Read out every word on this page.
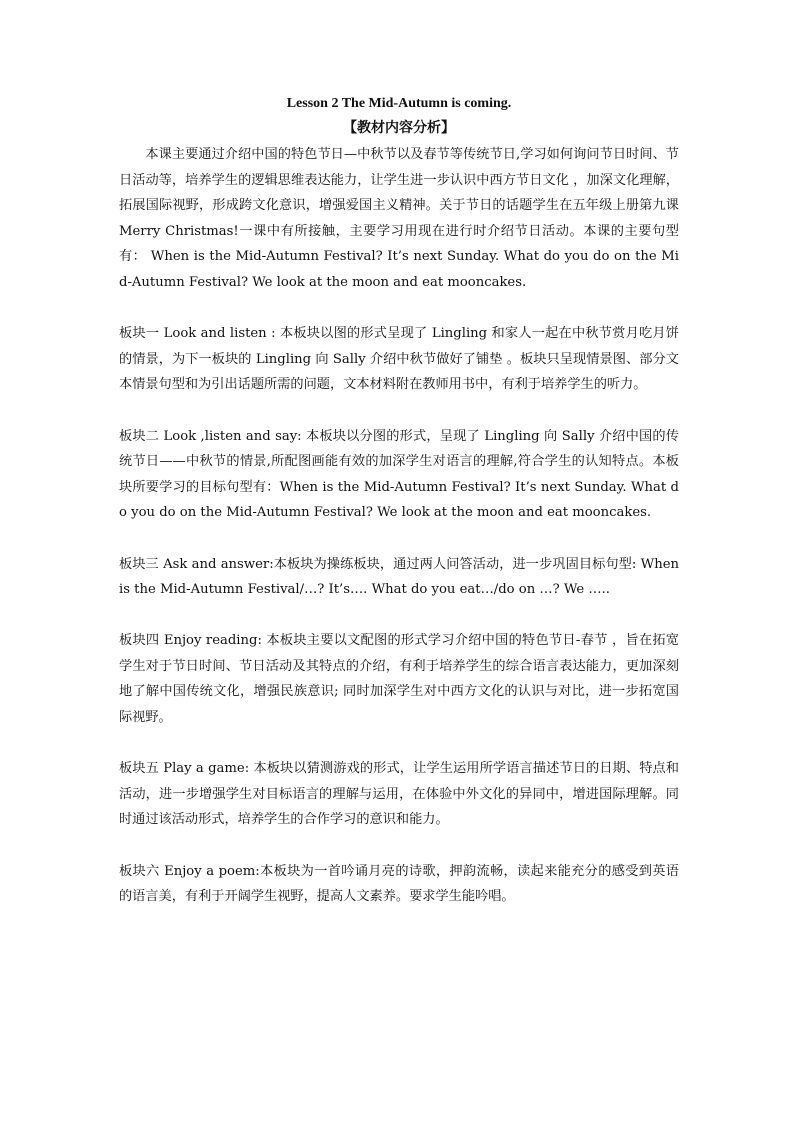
Lesson 2 The Mid-Autumn is coming.
【教材内容分析】

本课主要通过介绍中国的特色节日—中秋节以及春节等传统节日,学习如何询问节日时间、节日活动等，培养学生的逻辑思维表达能力，让学生进一步认识中西方节日文化 ，加深文化理解，拓展国际视野，形成跨文化意识，增强爱国主义精神。关于节日的话题学生在五年级上册第九课 Merry Christmas!一课中有所接触，主要学习用现在进行时介绍节日活动。本课的主要句型有： When is the Mid-Autumn Festival? It’s next Sunday. What do you do on the Mid-Autumn Festival? We look at the moon and eat mooncakes.

板块一 Look and listen : 本板块以图的形式呈现了 Lingling 和家人一起在中秋节赏月吃月饼的情景，为下一板块的 Lingling 向 Sally 介绍中秋节做好了铺垫 。板块只呈现情景图、部分文本情景句型和为引出话题所需的问题，文本材料附在教师用书中，有利于培养学生的听力。

板块二 Look ,listen and say: 本板块以分图的形式，呈现了 Lingling 向 Sally 介绍中国的传统节日——中秋节的情景,所配图画能有效的加深学生对语言的理解,符合学生的认知特点。本板块所要学习的目标句型有：When is the Mid-Autumn Festival? It’s next Sunday. What do you do on the Mid-Autumn Festival? We look at the moon and eat mooncakes.

板块三 Ask and answer:本板块为操练板块，通过两人问答活动，进一步巩固目标句型: When is the Mid-Autumn Festival/…? It’s…. What do you eat…/do on …? We …..

板块四 Enjoy reading: 本板块主要以文配图的形式学习介绍中国的特色节日-春节 ，旨在拓宽学生对于节日时间、节日活动及其特点的介绍，有利于培养学生的综合语言表达能力，更加深刻地了解中国传统文化，增强民族意识; 同时加深学生对中西方文化的认识与对比，进一步拓宽国际视野。

板块五 Play a game: 本板块以猜测游戏的形式，让学生运用所学语言描述节日的日期、特点和活动，进一步增强学生对目标语言的理解与运用，在体验中外文化的异同中，增进国际理解。同时通过该活动形式，培养学生的合作学习的意识和能力。

板块六 Enjoy a poem:本板块为一首吟诵月亮的诗歌，押韵流畅，读起来能充分的感受到英语的语言美，有利于开阔学生视野，提高人文素养。要求学生能吟唱。
